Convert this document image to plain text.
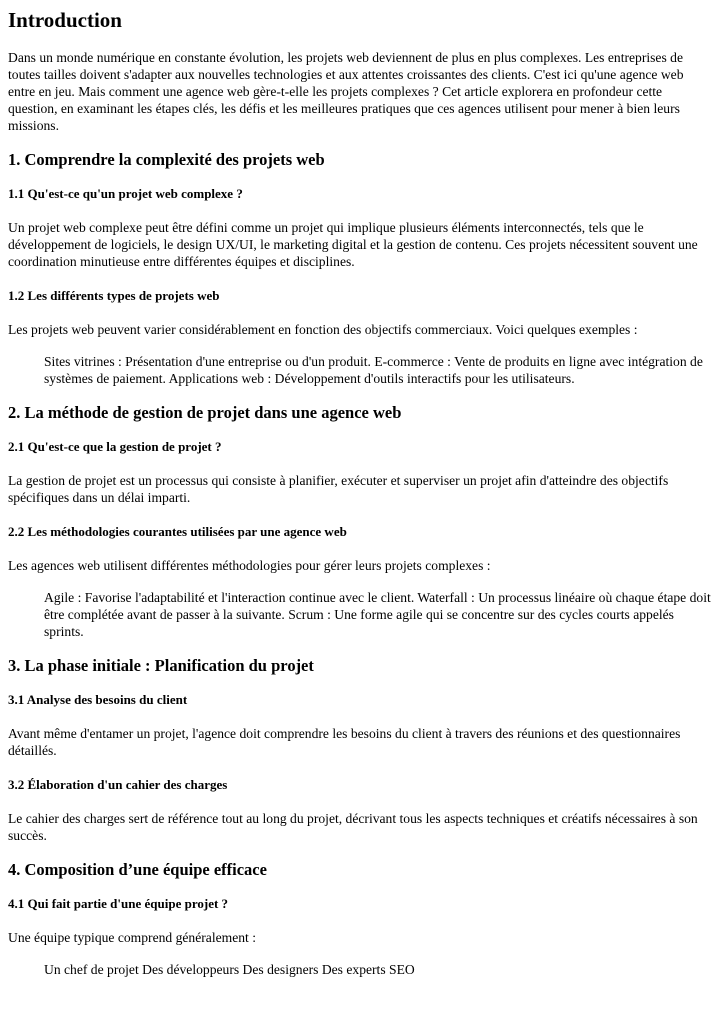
Introduction

Dans un monde numérique en constante évolution, les projets web deviennent de plus en plus complexes. Les entreprises de toutes tailles doivent s'adapter aux nouvelles technologies et aux attentes croissantes des clients. C'est ici qu'une agence web entre en jeu. Mais comment une agence web gère-t-elle les projets complexes ? Cet article explorera en profondeur cette question, en examinant les étapes clés, les défis et les meilleures pratiques que ces agences utilisent pour mener à bien leurs missions.

1. Comprendre la complexité des projets web
1.1 Qu'est-ce qu'un projet web complexe ?

Un projet web complexe peut être défini comme un projet qui implique plusieurs éléments interconnectés, tels que le développement de logiciels, le design UX/UI, le marketing digital et la gestion de contenu. Ces projets nécessitent souvent une coordination minutieuse entre différentes équipes et disciplines.

1.2 Les différents types de projets web

Les projets web peuvent varier considérablement en fonction des objectifs commerciaux. Voici quelques exemples :

Sites vitrines : Présentation d'une entreprise ou d'un produit. E-commerce : Vente de produits en ligne avec intégration de systèmes de paiement. Applications web : Développement d'outils interactifs pour les utilisateurs.
2. La méthode de gestion de projet dans une agence web
2.1 Qu'est-ce que la gestion de projet ?

La gestion de projet est un processus qui consiste à planifier, exécuter et superviser un projet afin d'atteindre des objectifs spécifiques dans un délai imparti.

2.2 Les méthodologies courantes utilisées par une agence web

Les agences web utilisent différentes méthodologies pour gérer leurs projets complexes :

Agile : Favorise l'adaptabilité et l'interaction continue avec le client. Waterfall : Un processus linéaire où chaque étape doit être complétée avant de passer à la suivante. Scrum : Une forme agile qui se concentre sur des cycles courts appelés sprints.
3. La phase initiale : Planification du projet
3.1 Analyse des besoins du client

Avant même d'entamer un projet, l'agence doit comprendre les besoins du client à travers des réunions et des questionnaires détaillés.

3.2 Élaboration d'un cahier des charges

Le cahier des charges sert de référence tout au long du projet, décrivant tous les aspects techniques et créatifs nécessaires à son succès.

4. Composition d’une équipe efficace
4.1 Qui fait partie d'une équipe projet ?

Une équipe typique comprend généralement :

Un chef de projet Des développeurs Des designers Des experts SEO
